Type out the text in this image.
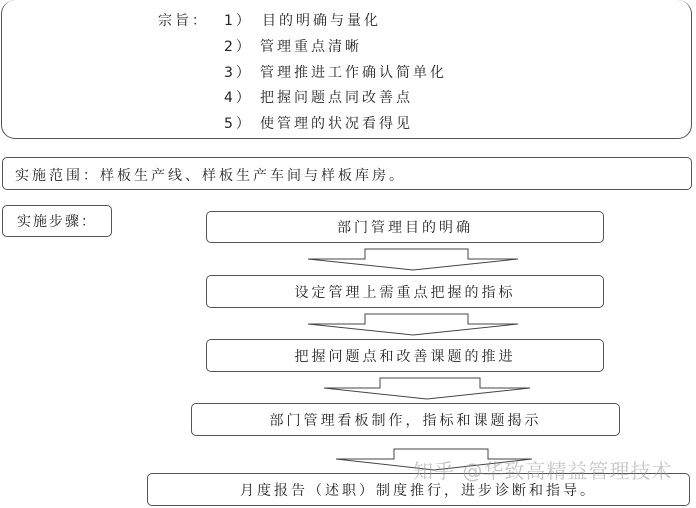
宗旨： 1） 目的明确与量化
2） 管理重点清晰
3） 管理推进工作确认简单化
4） 把握问题点同改善点
5） 使管理的状况看得见
实施范围：样板生产线、样板生产车间与样板库房。
实施步骤：	部门管理目的明确
设定管理上需重点把握的指标
把握问题点和改善课题的推进
部门管理看板制作，指标和课题揭示
月度报告（述职）制度推行，进步诊断和指导。
知乎 @华致高精益管理技术
